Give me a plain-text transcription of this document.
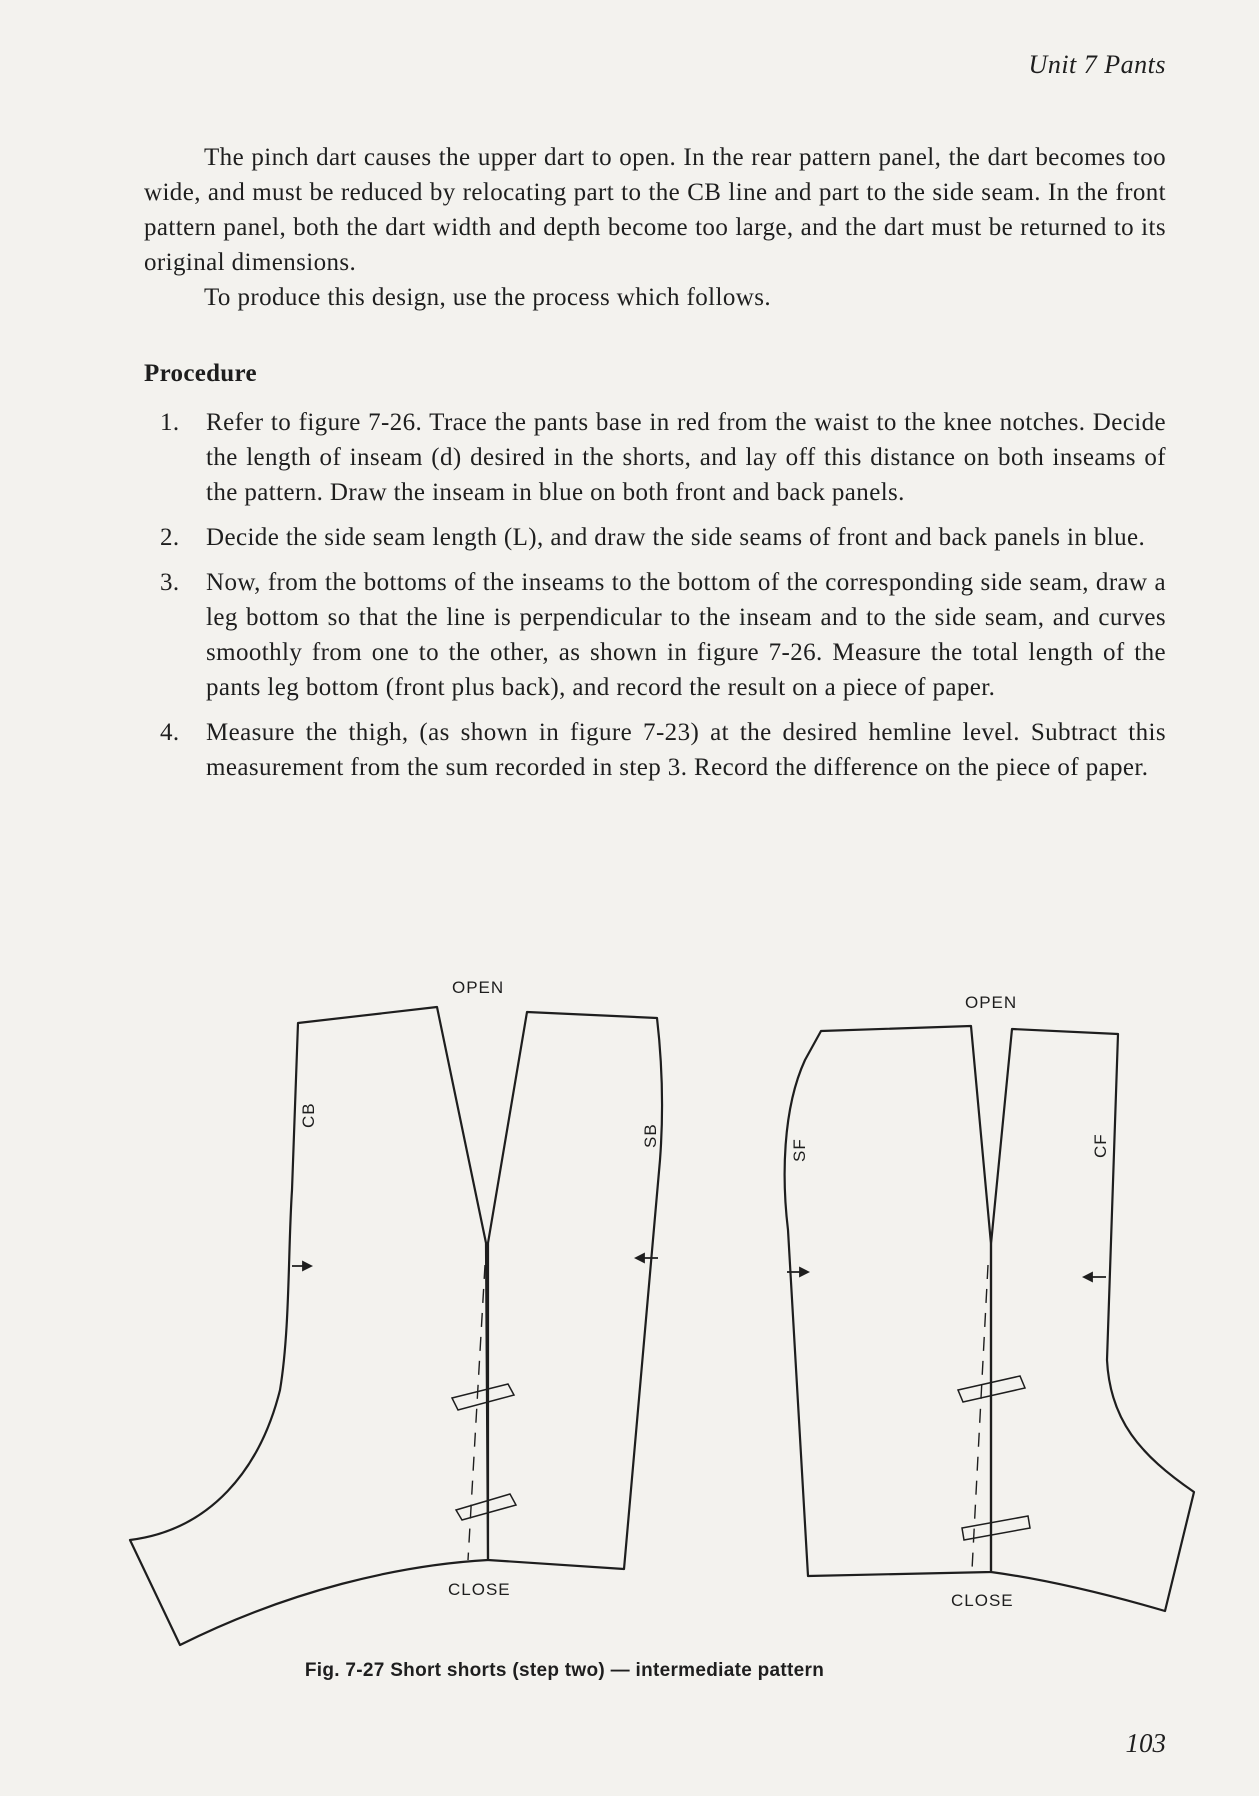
Unit 7 Pants

The pinch dart causes the upper dart to open. In the rear pattern panel, the dart becomes too wide, and must be reduced by relocating part to the CB line and part to the side seam. In the front pattern panel, both the dart width and depth become too large, and the dart must be returned to its original dimensions.

To produce this design, use the process which follows.

Procedure
1. Refer to figure 7-26. Trace the pants base in red from the waist to the knee notches. Decide the length of inseam (d) desired in the shorts, and lay off this distance on both inseams of the pattern. Draw the inseam in blue on both front and back panels.
2. Decide the side seam length (L), and draw the side seams of front and back panels in blue.
3. Now, from the bottoms of the inseams to the bottom of the corresponding side seam, draw a leg bottom so that the line is perpendicular to the inseam and to the side seam, and curves smoothly from one to the other, as shown in figure 7-26. Measure the total length of the pants leg bottom (front plus back), and record the result on a piece of paper.
4. Measure the thigh, (as shown in figure 7-23) at the desired hemline level. Subtract this measurement from the sum recorded in step 3. Record the difference on the piece of paper.
OPEN
CLOSE
OPEN
CLOSE
CB
SB
SF	CF
Fig. 7-27 Short shorts (step two) — intermediate pattern
103
